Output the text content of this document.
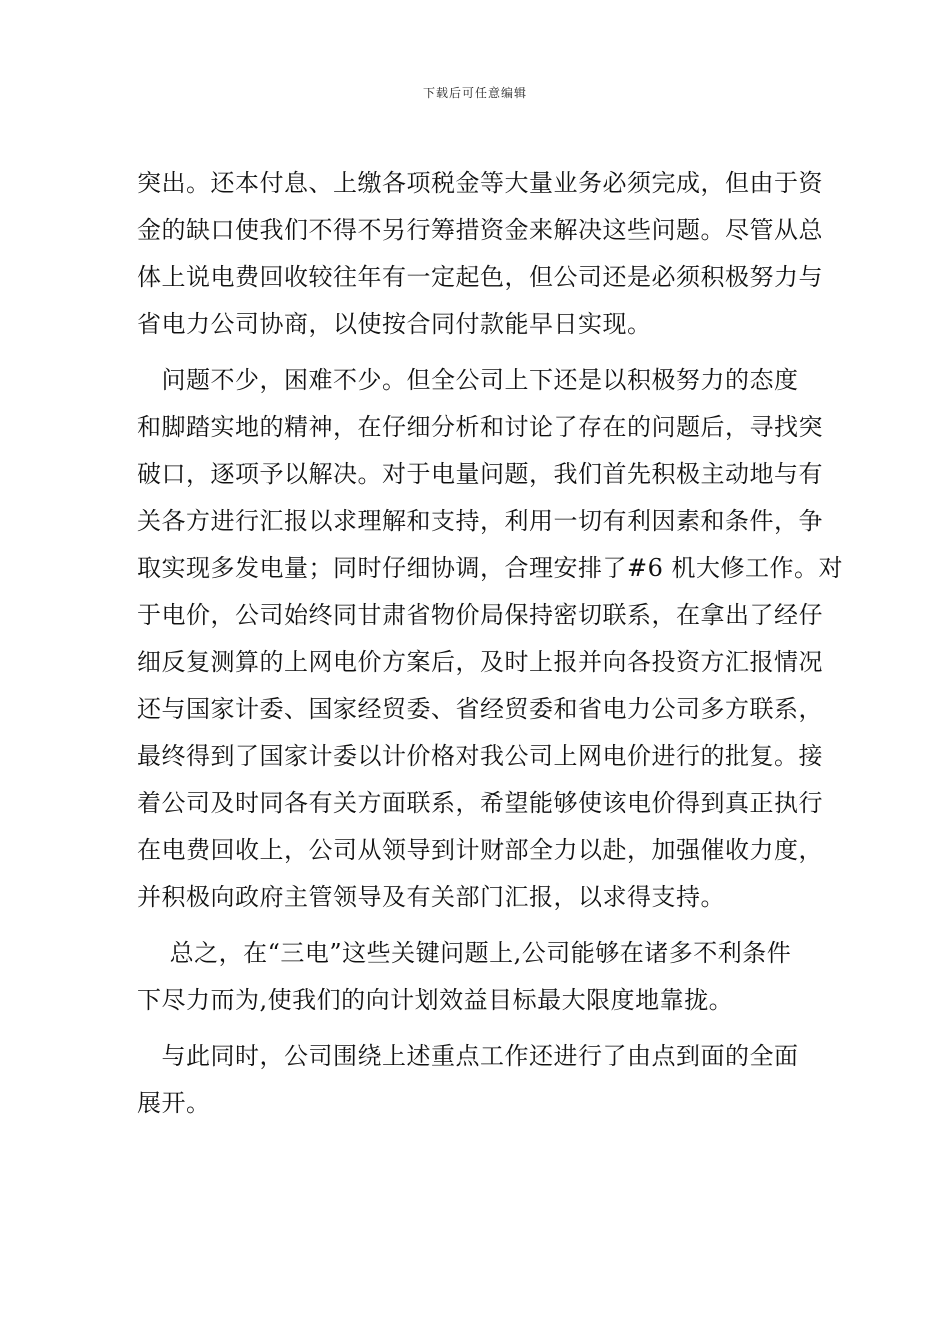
下载后可任意编辑
突出。还本付息、上缴各项税金等大量业务必须完成，但由于资
金的缺口使我们不得不另行筹措资金来解决这些问题。尽管从总
体上说电费回收较往年有一定起色，但公司还是必须积极努力与
省电力公司协商，以使按合同付款能早日实现。
　问题不少，困难不少。但全公司上下还是以积极努力的态度
和脚踏实地的精神，在仔细分析和讨论了存在的问题后，寻找突
破口，逐项予以解决。对于电量问题，我们首先积极主动地与有
关各方进行汇报以求理解和支持，利用一切有利因素和条件，争
取实现多发电量；同时仔细协调，合理安排了#6 机大修工作。对
于电价，公司始终同甘肃省物价局保持密切联系，在拿出了经仔
细反复测算的上网电价方案后，及时上报并向各投资方汇报情况
还与国家计委、国家经贸委、省经贸委和省电力公司多方联系，
最终得到了国家计委以计价格对我公司上网电价进行的批复。接
着公司及时同各有关方面联系，希望能够使该电价得到真正执行
在电费回收上，公司从领导到计财部全力以赴，加强催收力度，
并积极向政府主管领导及有关部门汇报，以求得支持。
　 总之，在“三电”这些关键问题上,公司能够在诸多不利条件
下尽力而为,使我们的向计划效益目标最大限度地靠拢。
　与此同时，公司围绕上述重点工作还进行了由点到面的全面
展开。
